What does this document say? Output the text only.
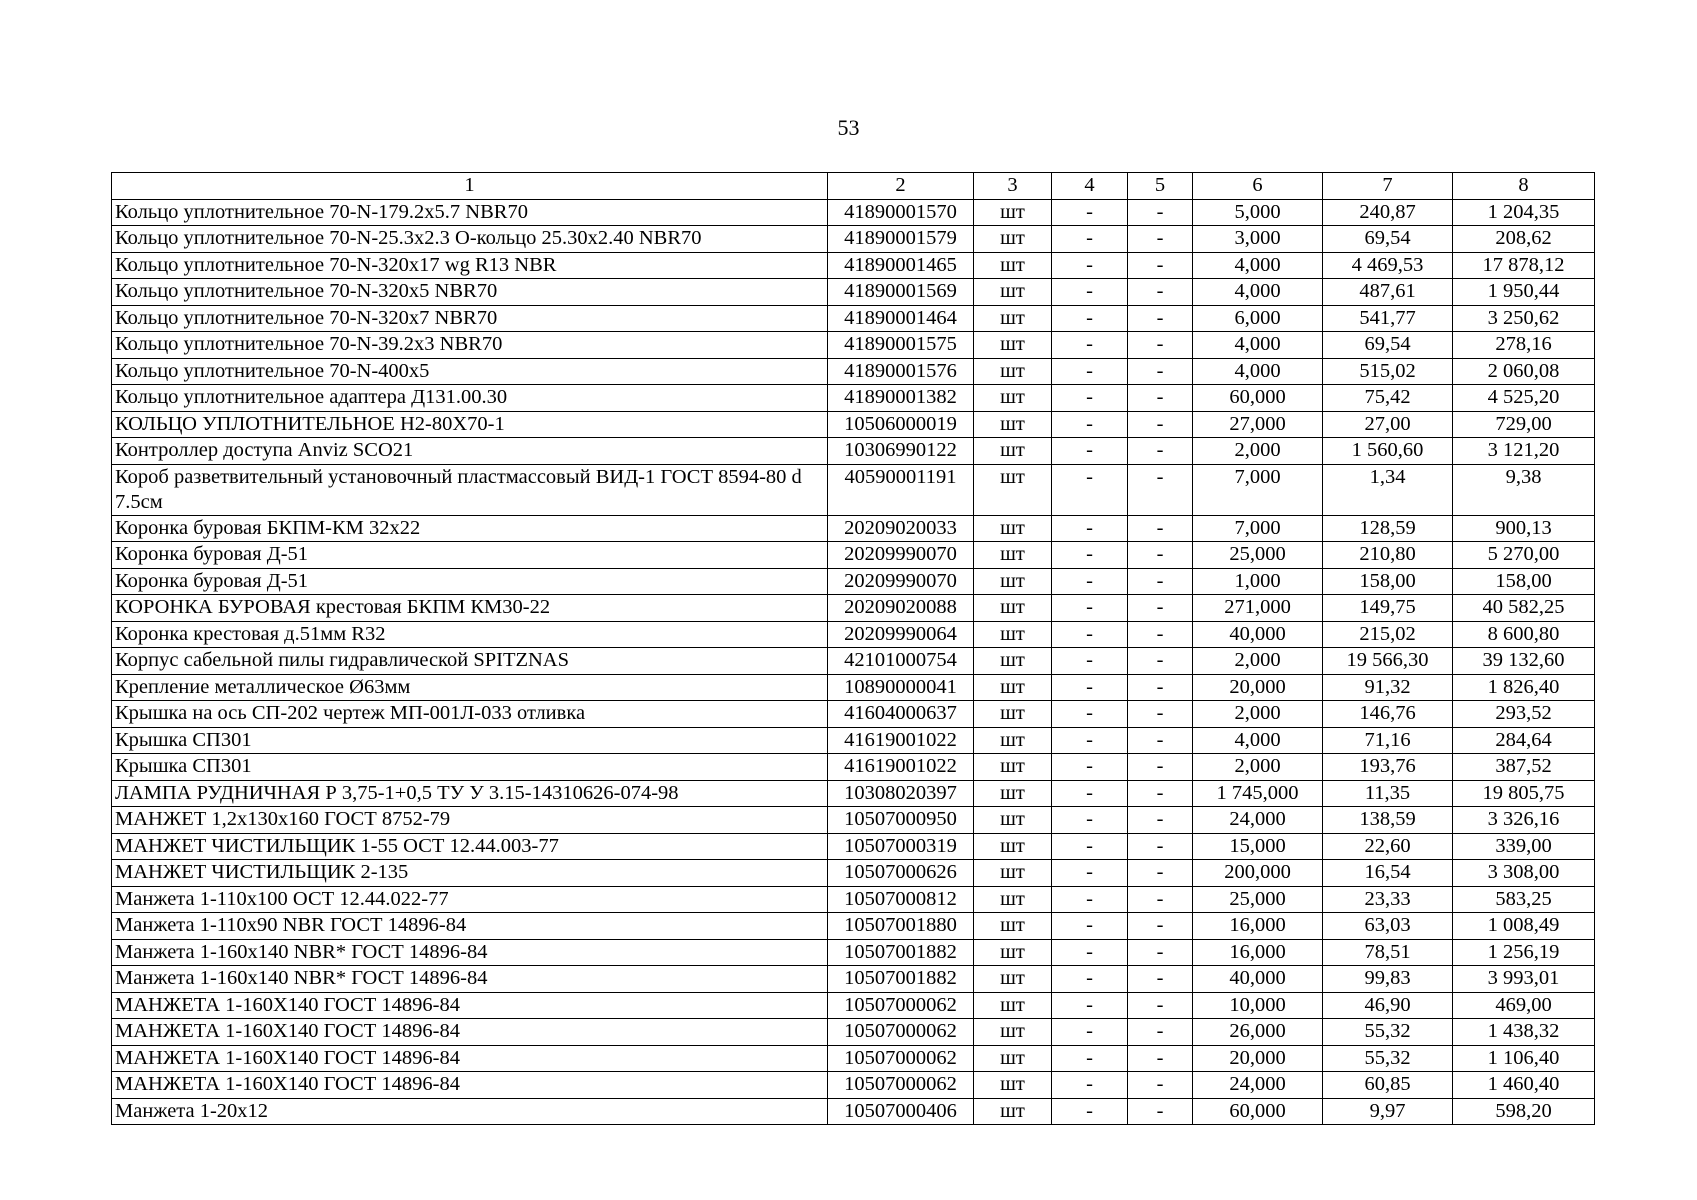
53
1	2	3	4	5	6	7	8
Кольцо уплотнительное 70-N-179.2x5.7 NBR70	41890001570	шт	-	-	5,000	240,87	1 204,35
Кольцо уплотнительное 70-N-25.3x2.3 O-кольцо 25.30x2.40 NBR70	41890001579	шт	-	-	3,000	69,54	208,62
Кольцо уплотнительное 70-N-320x17 wg R13 NBR	41890001465	шт	-	-	4,000	4 469,53	17 878,12
Кольцо уплотнительное 70-N-320x5 NBR70	41890001569	шт	-	-	4,000	487,61	1 950,44
Кольцо уплотнительное 70-N-320x7 NBR70	41890001464	шт	-	-	6,000	541,77	3 250,62
Кольцо уплотнительное 70-N-39.2x3 NBR70	41890001575	шт	-	-	4,000	69,54	278,16
Кольцо уплотнительное 70-N-400x5	41890001576	шт	-	-	4,000	515,02	2 060,08
Кольцо уплотнительное адаптера Д131.00.30	41890001382	шт	-	-	60,000	75,42	4 525,20
КОЛЬЦО УПЛОТНИТЕЛЬНОЕ Н2-80Х70-1	10506000019	шт	-	-	27,000	27,00	729,00
Контроллер доступа Anviz SCO21	10306990122	шт	-	-	2,000	1 560,60	3 121,20
Короб разветвительный установочный пластмассовый ВИД-1 ГОСТ 8594-80 d 7.5см	40590001191	шт	-	-	7,000	1,34	9,38
Коронка буровая БКПМ-КМ 32х22	20209020033	шт	-	-	7,000	128,59	900,13
Коронка буровая Д-51	20209990070	шт	-	-	25,000	210,80	5 270,00
Коронка буровая Д-51	20209990070	шт	-	-	1,000	158,00	158,00
КОРОНКА БУРОВАЯ крестовая БКПМ КМ30-22	20209020088	шт	-	-	271,000	149,75	40 582,25
Коронка крестовая д.51мм R32	20209990064	шт	-	-	40,000	215,02	8 600,80
Корпус сабельной пилы гидравлической SPITZNAS	42101000754	шт	-	-	2,000	19 566,30	39 132,60
Крепление металлическое Ø63мм	10890000041	шт	-	-	20,000	91,32	1 826,40
Крышка на ось СП-202 чертеж МП-001Л-033 отливка	41604000637	шт	-	-	2,000	146,76	293,52
Крышка СП301	41619001022	шт	-	-	4,000	71,16	284,64
Крышка СП301	41619001022	шт	-	-	2,000	193,76	387,52
ЛАМПА РУДНИЧНАЯ Р 3,75-1+0,5 ТУ У 3.15-14310626-074-98	10308020397	шт	-	-	1 745,000	11,35	19 805,75
МАНЖЕТ 1,2х130х160 ГОСТ 8752-79	10507000950	шт	-	-	24,000	138,59	3 326,16
МАНЖЕТ ЧИСТИЛЬЩИК 1-55 ОСТ 12.44.003-77	10507000319	шт	-	-	15,000	22,60	339,00
МАНЖЕТ ЧИСТИЛЬЩИК 2-135	10507000626	шт	-	-	200,000	16,54	3 308,00
Манжета 1-110х100 ОСТ 12.44.022-77	10507000812	шт	-	-	25,000	23,33	583,25
Манжета 1-110х90 NBR ГОСТ 14896-84	10507001880	шт	-	-	16,000	63,03	1 008,49
Манжета 1-160х140 NBR* ГОСТ 14896-84	10507001882	шт	-	-	16,000	78,51	1 256,19
Манжета 1-160х140 NBR* ГОСТ 14896-84	10507001882	шт	-	-	40,000	99,83	3 993,01
МАНЖЕТА 1-160Х140 ГОСТ 14896-84	10507000062	шт	-	-	10,000	46,90	469,00
МАНЖЕТА 1-160Х140 ГОСТ 14896-84	10507000062	шт	-	-	26,000	55,32	1 438,32
МАНЖЕТА 1-160Х140 ГОСТ 14896-84	10507000062	шт	-	-	20,000	55,32	1 106,40
МАНЖЕТА 1-160Х140 ГОСТ 14896-84	10507000062	шт	-	-	24,000	60,85	1 460,40
Манжета 1-20х12	10507000406	шт	-	-	60,000	9,97	598,20
